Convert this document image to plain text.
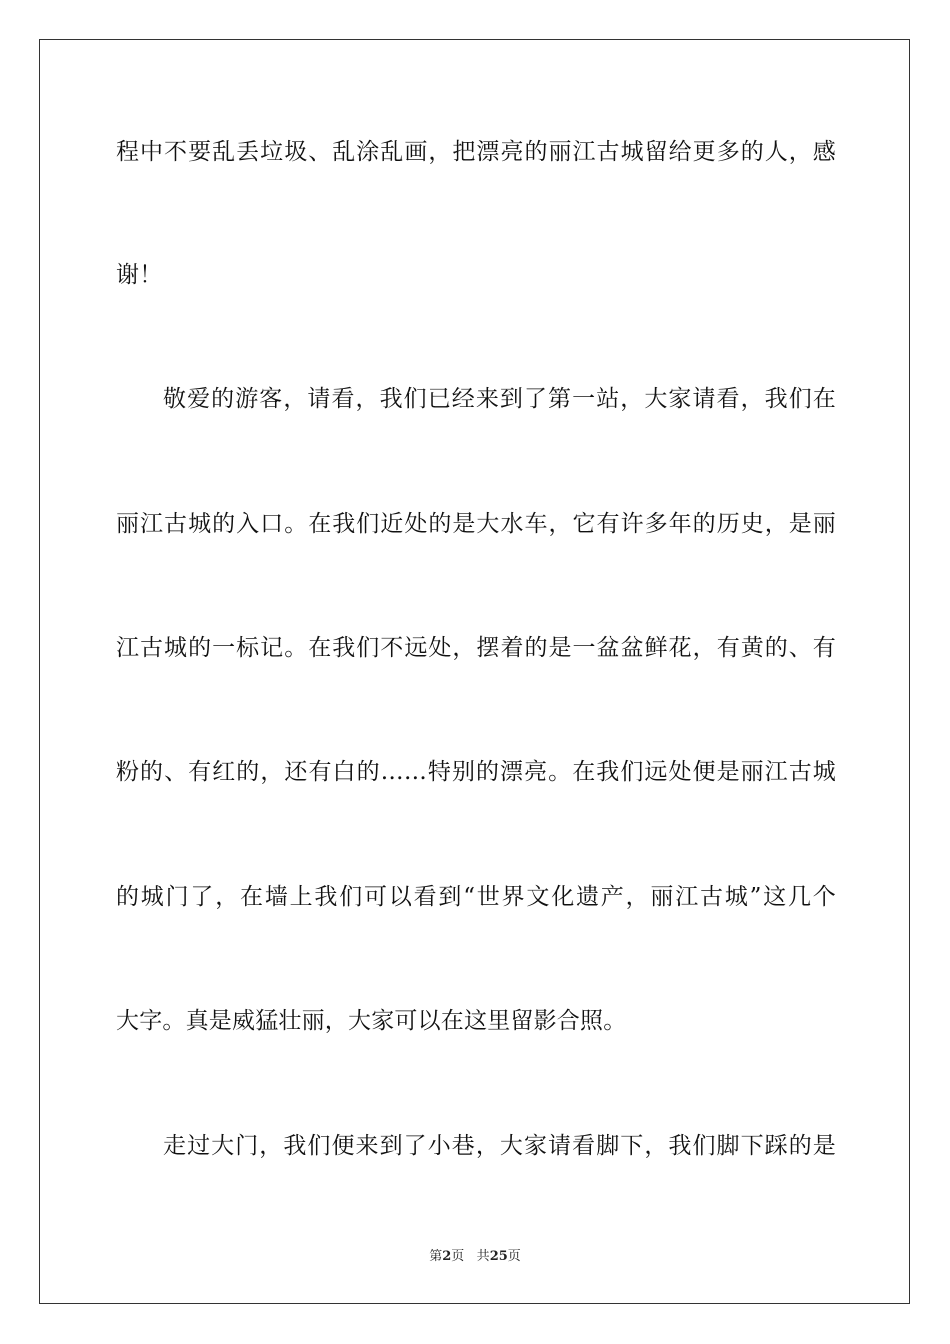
程中不要乱丢垃圾、乱涂乱画，把漂亮的丽江古城留给更多的人，感
谢！
敬爱的游客，请看，我们已经来到了第一站，大家请看，我们在
丽江古城的入口。在我们近处的是大水车，它有许多年的历史，是丽
江古城的一标记。在我们不远处，摆着的是一盆盆鲜花，有黄的、有
粉的、有红的，还有白的……特别的漂亮。在我们远处便是丽江古城
的城门了，在墙上我们可以看到“世界文化遗产，丽江古城”这几个
大字。真是威猛壮丽，大家可以在这里留影合照。
走过大门，我们便来到了小巷，大家请看脚下，我们脚下踩的是
第2页 共25页
